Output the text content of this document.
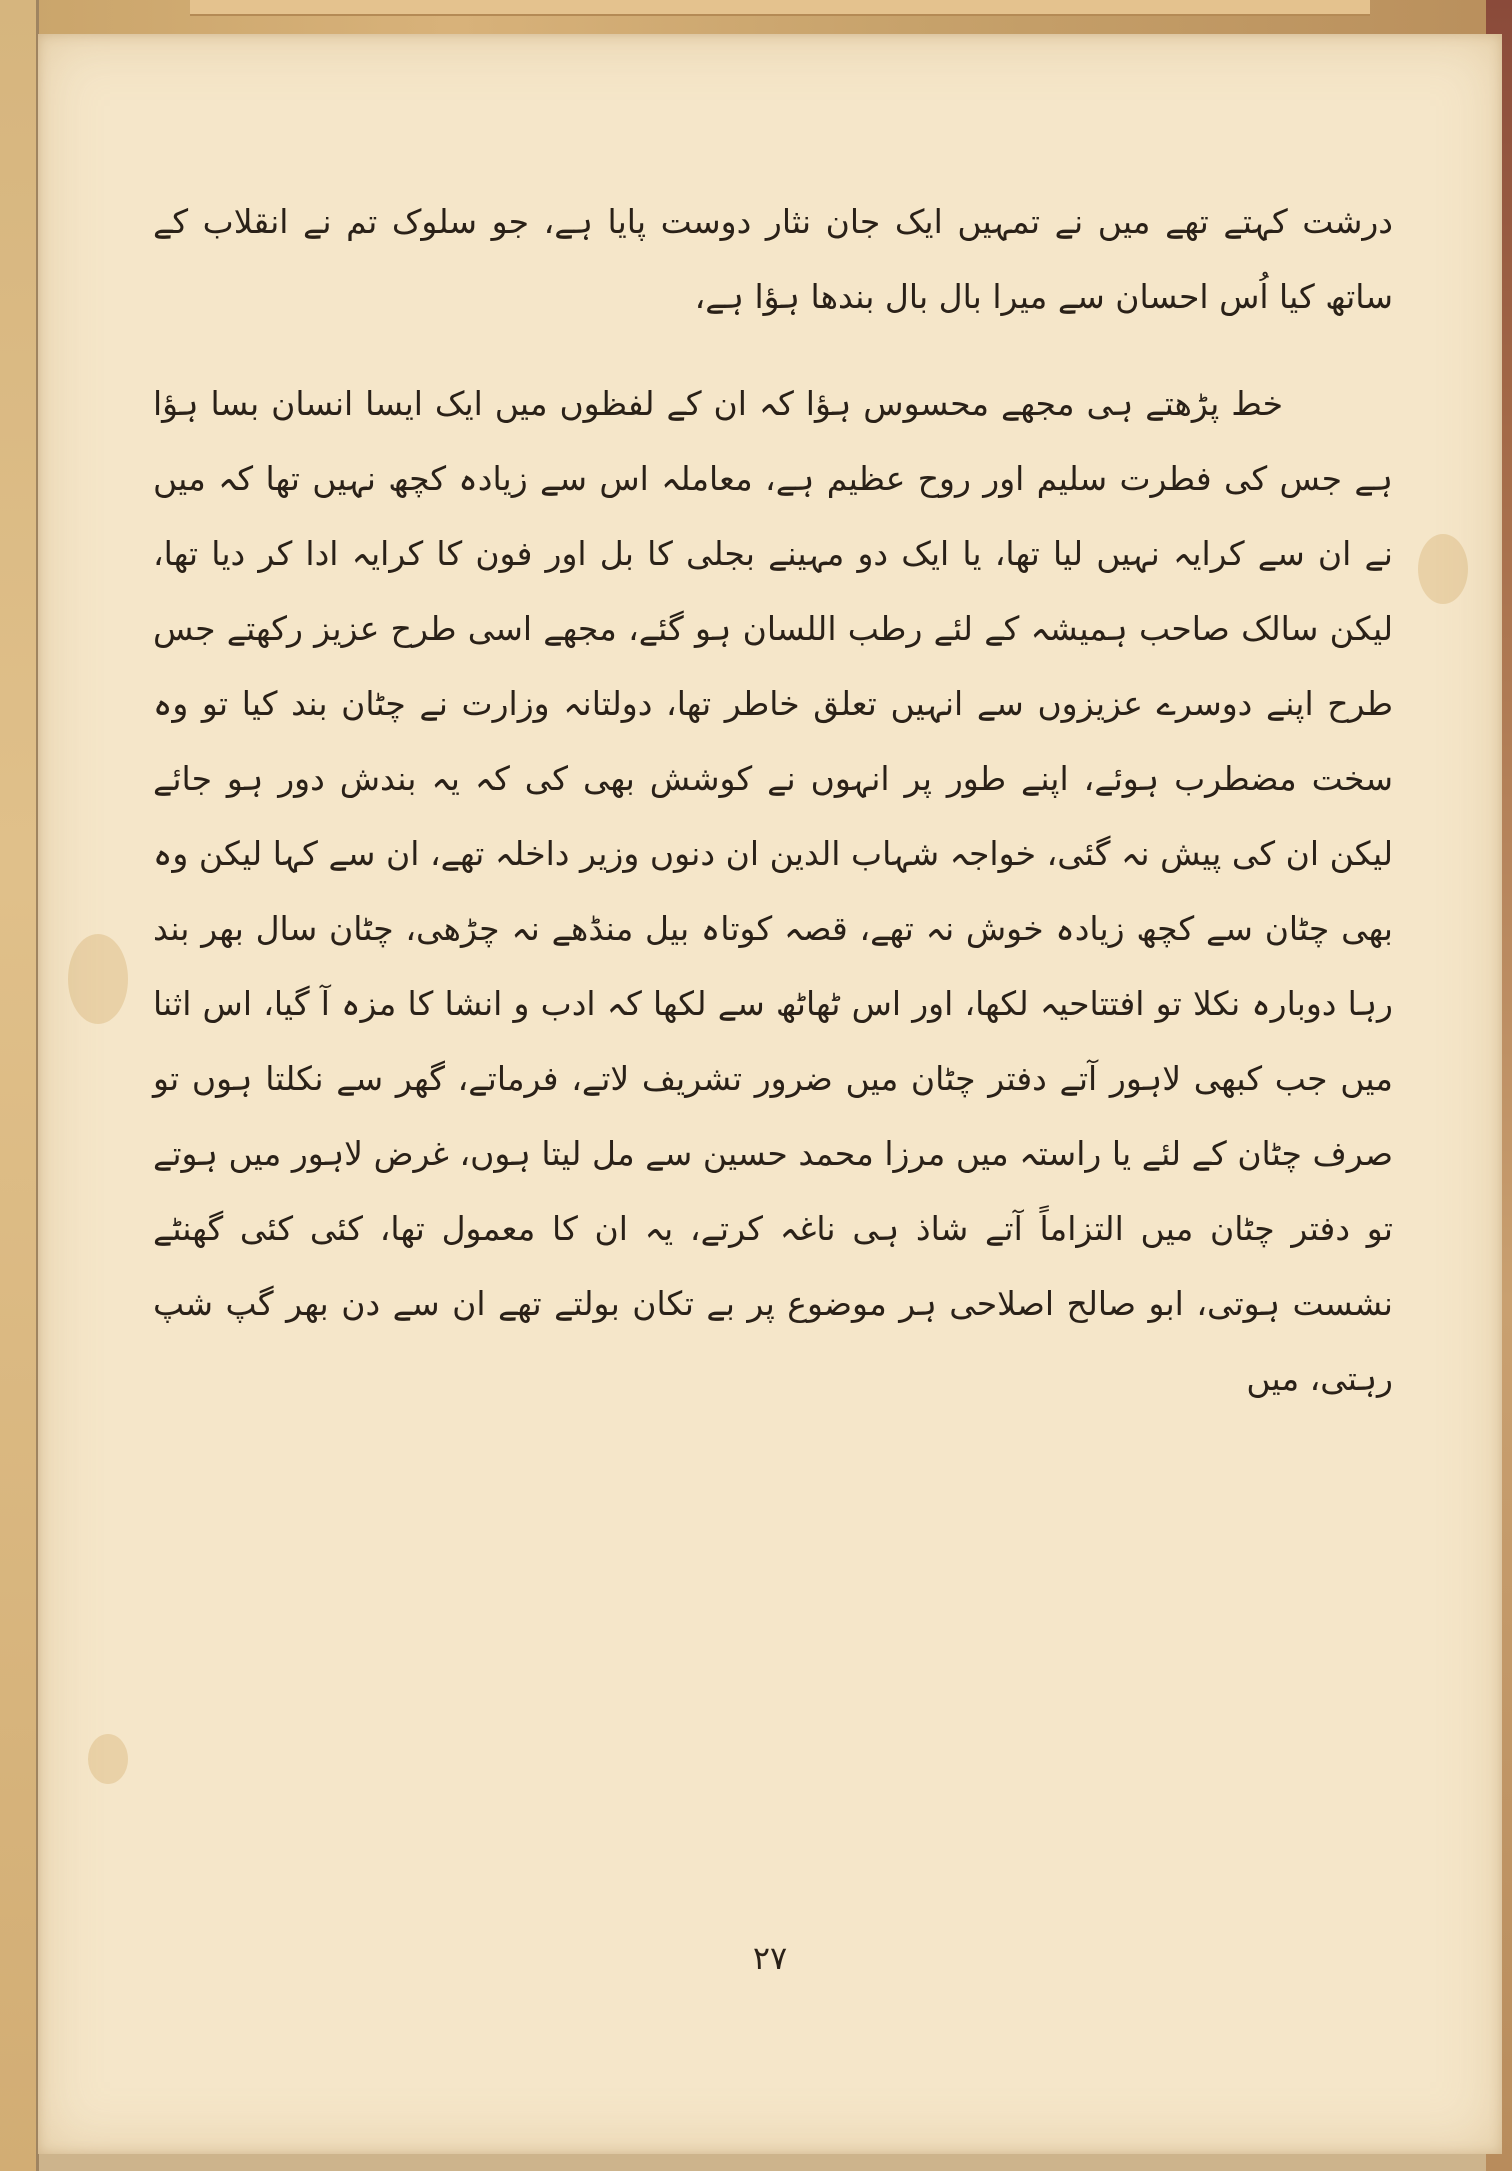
درشت کہتے تھے میں نے تمہیں ایک جان نثار دوست پایا ہے، جو سلوک تم نے انقلاب کے ساتھ کیا اُس احسان سے میرا بال بال بندھا ہؤا ہے،

خط پڑھتے ہی مجھے محسوس ہؤا کہ ان کے لفظوں میں ایک ایسا انسان بسا ہؤا ہے جس کی فطرت سلیم اور روح عظیم ہے، معاملہ اس سے زیادہ کچھ نہیں تھا کہ میں نے ان سے کرایہ نہیں لیا تھا، یا ایک دو مہینے بجلی کا بل اور فون کا کرایہ ادا کر دیا تھا، لیکن سالک صاحب ہمیشہ کے لئے رطب اللسان ہو گئے، مجھے اسی طرح عزیز رکھتے جس طرح اپنے دوسرے عزیزوں سے انہیں تعلق خاطر تھا، دولتانہ وزارت نے چٹان بند کیا تو وہ سخت مضطرب ہوئے، اپنے طور پر انہوں نے کوشش بھی کی کہ یہ بندش دور ہو جائے لیکن ان کی پیش نہ گئی، خواجہ شہاب الدین ان دنوں وزیر داخلہ تھے، ان سے کہا لیکن وہ بھی چٹان سے کچھ زیادہ خوش نہ تھے، قصہ کوتاہ بیل منڈھے نہ چڑھی، چٹان سال بھر بند رہا دوبارہ نکلا تو افتتاحیہ لکھا، اور اس ٹھاٹھ سے لکھا کہ ادب و انشا کا مزہ آ گیا، اس اثنا میں جب کبھی لاہور آتے دفتر چٹان میں ضرور تشریف لاتے، فرماتے، گھر سے نکلتا ہوں تو صرف چٹان کے لئے یا راستہ میں مرزا محمد حسین سے مل لیتا ہوں، غرض لاہور میں ہوتے تو دفتر چٹان میں التزاماً آتے شاذ ہی ناغہ کرتے، یہ ان کا معمول تھا، کئی کئی گھنٹے نشست ہوتی، ابو صالح اصلاحی ہر موضوع پر بے تکان بولتے تھے ان سے دن بھر گپ شپ رہتی، میں

۲۷
